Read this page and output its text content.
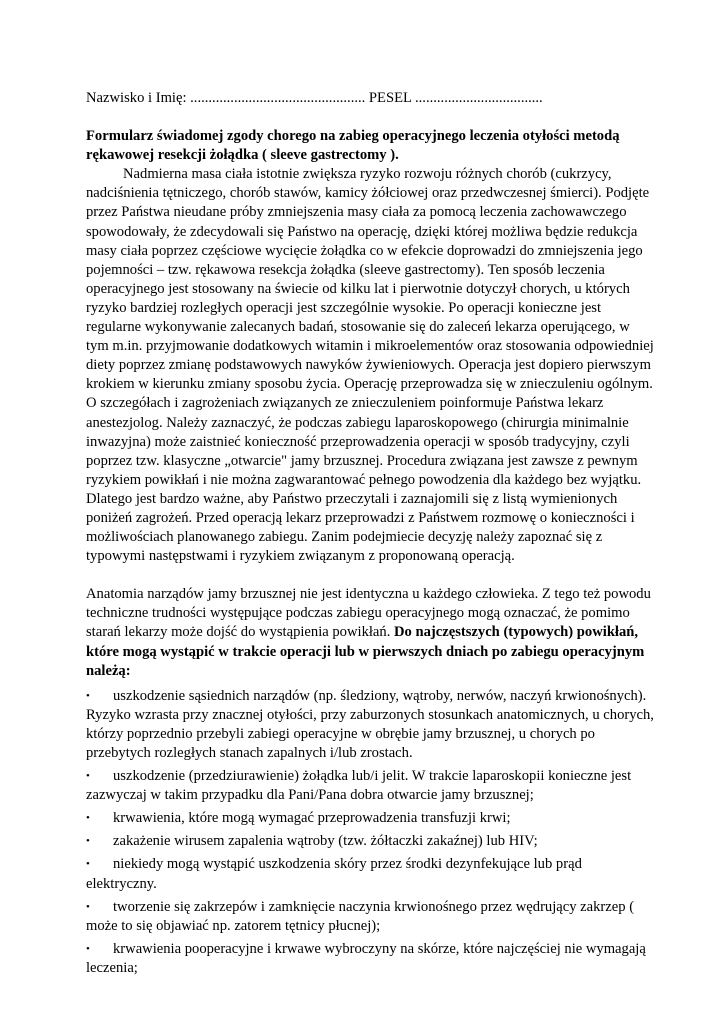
Nazwisko i Imię: ................................................ PESEL ...................................

Formularz świadomej zgody chorego na zabieg operacyjnego leczenia otyłości metodą rękawowej resekcji żołądka ( sleeve gastrectomy ).

Nadmierna masa ciała istotnie zwiększa ryzyko rozwoju różnych chorób (cukrzycy, nadciśnienia tętniczego, chorób stawów, kamicy żółciowej oraz przedwczesnej śmierci). Podjęte przez Państwa nieudane próby zmniejszenia masy ciała za pomocą leczenia zachowawczego spowodowały, że zdecydowali się Państwo na operację, dzięki której możliwa będzie redukcja masy ciała poprzez częściowe wycięcie żołądka co w efekcie doprowadzi do zmniejszenia jego pojemności – tzw. rękawowa resekcja żołądka (sleeve gastrectomy). Ten sposób leczenia operacyjnego jest stosowany na świecie od kilku lat i pierwotnie dotyczył chorych, u których ryzyko bardziej rozległych operacji jest szczególnie wysokie. Po operacji konieczne jest regularne wykonywanie zalecanych badań, stosowanie się do zaleceń lekarza operującego, w tym m.in. przyjmowanie dodatkowych witamin i mikroelementów oraz stosowania odpowiedniej diety poprzez zmianę podstawowych nawyków żywieniowych. Operacja jest dopiero pierwszym krokiem w kierunku zmiany sposobu życia. Operację przeprowadza się w znieczuleniu ogólnym. O szczegółach i zagrożeniach związanych ze znieczuleniem poinformuje Państwa lekarz anestezjolog. Należy zaznaczyć, że podczas zabiegu laparoskopowego (chirurgia minimalnie inwazyjna) może zaistnieć konieczność przeprowadzenia operacji w sposób tradycyjny, czyli poprzez tzw. klasyczne „otwarcie" jamy brzusznej. Procedura związana jest zawsze z pewnym ryzykiem powikłań i nie można zagwarantować pełnego powodzenia dla każdego bez wyjątku. Dlatego jest bardzo ważne, aby Państwo przeczytali i zaznajomili się z listą wymienionych poniżeń zagrożeń. Przed operacją lekarz przeprowadzi z Państwem rozmowę o konieczności i możliwościach planowanego zabiegu. Zanim podejmiecie decyzję należy zapoznać się z typowymi następstwami i ryzykiem związanym z proponowaną operacją.

Anatomia narządów jamy brzusznej nie jest identyczna u każdego człowieka. Z tego też powodu techniczne trudności występujące podczas zabiegu operacyjnego mogą oznaczać, że pomimo starań lekarzy może dojść do wystąpienia powikłań. Do najczęstszych (typowych) powikłań, które mogą wystąpić w trakcie operacji lub w pierwszych dniach po zabiegu operacyjnym należą:

• uszkodzenie sąsiednich narządów (np. śledziony, wątroby, nerwów, naczyń krwionośnych). Ryzyko wzrasta przy znacznej otyłości, przy zaburzonych stosunkach anatomicznych, u chorych, którzy poprzednio przebyli zabiegi operacyjne w obrębie jamy brzusznej, u chorych po przebytych rozległych stanach zapalnych i/lub zrostach.
• uszkodzenie (przedziurawienie) żołądka lub/i jelit. W trakcie laparoskopii konieczne jest zazwyczaj w takim przypadku dla Pani/Pana dobra otwarcie jamy brzusznej;
• krwawienia, które mogą wymagać przeprowadzenia transfuzji krwi;
• zakażenie wirusem zapalenia wątroby (tzw. żółtaczki zakaźnej) lub HIV;
• niekiedy mogą wystąpić uszkodzenia skóry przez środki dezynfekujące lub prąd elektryczny.
• tworzenie się zakrzepów i zamknięcie naczynia krwionośnego przez wędrujący zakrzep ( może to się objawiać np. zatorem tętnicy płucnej);
• krwawienia pooperacyjne i krwawe wybroczyny na skórze, które najczęściej nie wymagają leczenia;
